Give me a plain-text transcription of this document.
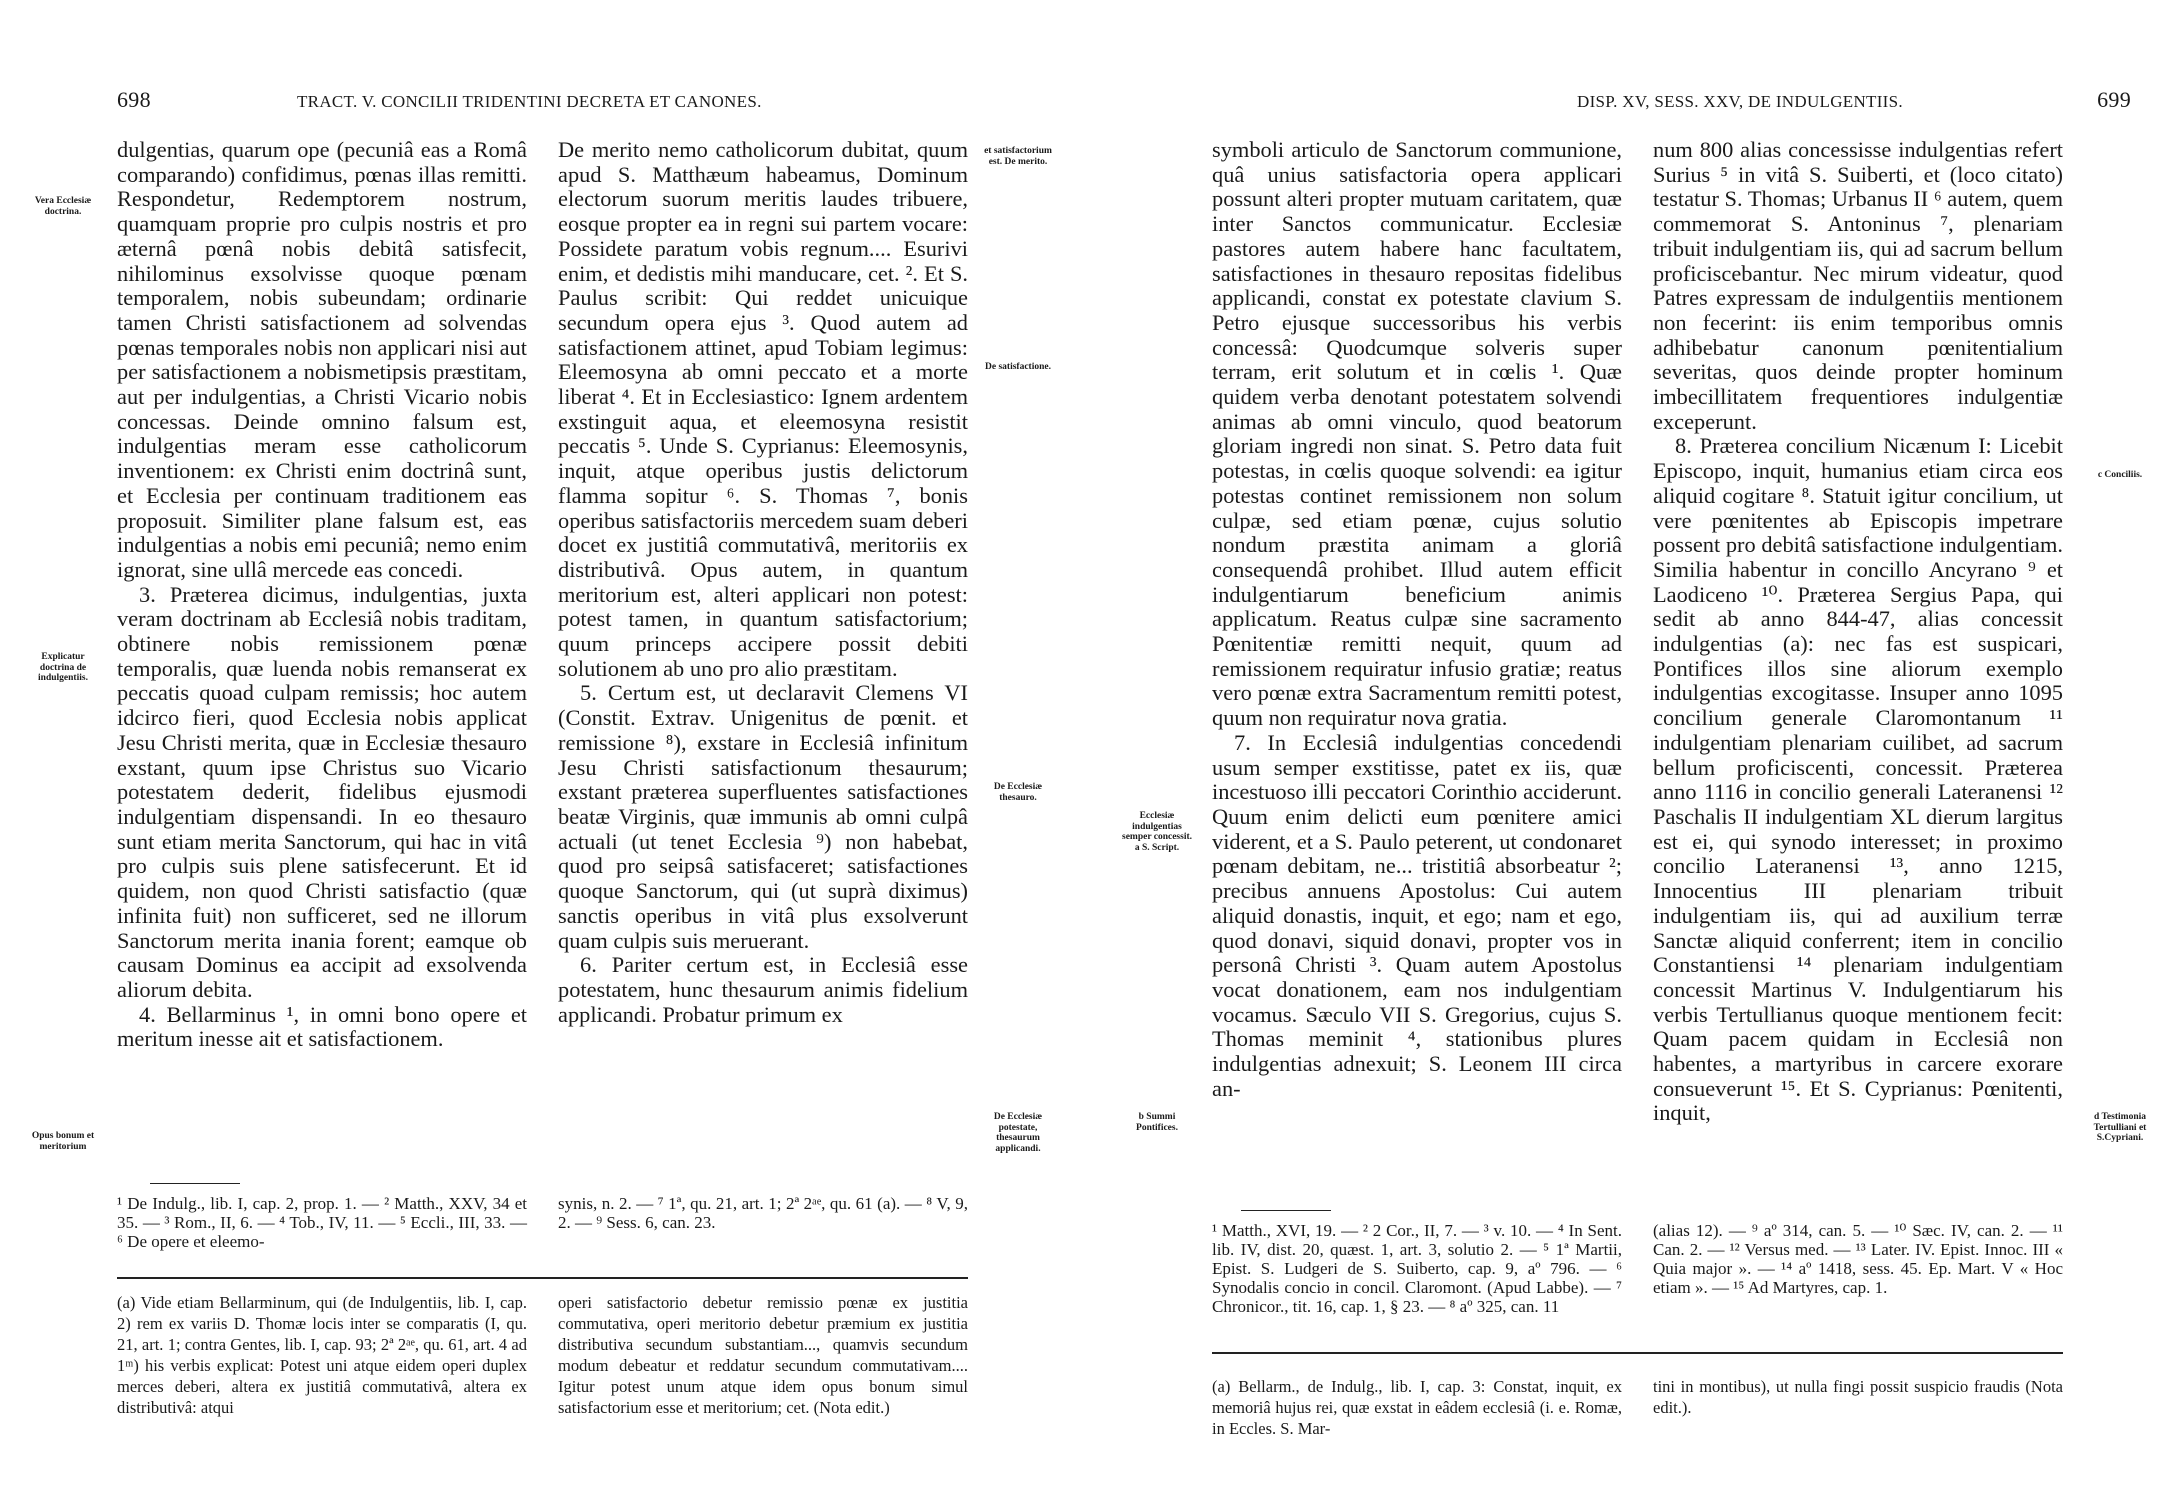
698	TRACT. V. CONCILII TRIDENTINI DECRETA ET CANONES.
Vera Ecclesiæ doctrina.
Explicatur doctrina de indulgentiis.
Opus bonum et meritorium

dulgentias, quarum ope (pecuniâ eas a Româ comparando) confidimus, pœnas illas remitti. Respondetur, Redemptorem nostrum, quamquam proprie pro culpis nostris et pro æternâ pœnâ nobis debitâ satisfecit, nihilominus exsolvisse quoque pœnam temporalem, nobis subeundam; ordinarie tamen Christi satisfactionem ad solvendas pœnas temporales nobis non applicari nisi aut per satisfactionem a nobismetipsis præstitam, aut per indulgentias, a Christi Vicario nobis concessas. Deinde omnino falsum est, indulgentias meram esse catholicorum inventionem: ex Christi enim doctrinâ sunt, et Ecclesia per continuam traditionem eas proposuit. Similiter plane falsum est, eas indulgentias a nobis emi pecuniâ; nemo enim ignorat, sine ullâ mercede eas concedi.

3. Præterea dicimus, indulgentias, juxta veram doctrinam ab Ecclesiâ nobis traditam, obtinere nobis remissionem pœnæ temporalis, quæ luenda nobis remanserat ex peccatis quoad culpam remissis; hoc autem idcirco fieri, quod Ecclesia nobis applicat Jesu Christi merita, quæ in Ecclesiæ thesauro exstant, quum ipse Christus suo Vicario potestatem dederit, fidelibus ejusmodi indulgentiam dispensandi. In eo thesauro sunt etiam merita Sanctorum, qui hac in vitâ pro culpis suis plene satisfecerunt. Et id quidem, non quod Christi satisfactio (quæ infinita fuit) non sufficeret, sed ne illorum Sanctorum merita inania forent; eamque ob causam Dominus ea accipit ad exsolvenda aliorum debita.

4. Bellarminus ¹, in omni bono opere et meritum inesse ait et satisfactionem.

De merito nemo catholicorum dubitat, quum apud S. Matthæum habeamus, Dominum electorum suorum meritis laudes tribuere, eosque propter ea in regni sui partem vocare: Possidete paratum vobis regnum.... Esurivi enim, et dedistis mihi manducare, cet. ². Et S. Paulus scribit: Qui reddet unicuique secundum opera ejus ³. Quod autem ad satisfactionem attinet, apud Tobiam legimus: Eleemosyna ab omni peccato et a morte liberat ⁴. Et in Ecclesiastico: Ignem ardentem exstinguit aqua, et eleemosyna resistit peccatis ⁵. Unde S. Cyprianus: Eleemosynis, inquit, atque operibus justis delictorum flamma sopitur ⁶. S. Thomas ⁷, bonis operibus satisfactoriis mercedem suam deberi docet ex justitiâ commutativâ, meritoriis ex distributivâ. Opus autem, in quantum meritorium est, alteri applicari non potest: potest tamen, in quantum satisfactorium; quum princeps accipere possit debiti solutionem ab uno pro alio præstitam.

5. Certum est, ut declaravit Clemens VI (Constit. Extrav. Unigenitus de pœnit. et remissione ⁸), exstare in Ecclesiâ infinitum Jesu Christi satisfactionum thesaurum; exstant præterea superfluentes satisfactiones beatæ Virginis, quæ immunis ab omni culpâ actuali (ut tenet Ecclesia ⁹) non habebat, quod pro seipsâ satisfaceret; satisfactiones quoque Sanctorum, qui (ut suprà diximus) sanctis operibus in vitâ plus exsolverunt quam culpis suis meruerant.

6. Pariter certum est, in Ecclesiâ esse potestatem, hunc thesaurum animis fidelium applicandi. Probatur primum ex

et satisfactorium est. De merito.
De satisfactione.
De Ecclesiæ thesauro.
De Ecclesiæ potestate, thesaurum applicandi.

¹ De Indulg., lib. I, cap. 2, prop. 1. — ² Matth., XXV, 34 et 35. — ³ Rom., II, 6. — ⁴ Tob., IV, 11. — ⁵ Eccli., III, 33. — ⁶ De opere et eleemo-

synis, n. 2. — ⁷ 1ª, qu. 21, art. 1; 2ª 2ᵃᵉ, qu. 61 (a). — ⁸ V, 9, 2. — ⁹ Sess. 6, can. 23.

(a) Vide etiam Bellarminum, qui (de Indulgentiis, lib. I, cap. 2) rem ex variis D. Thomæ locis inter se comparatis (I, qu. 21, art. 1; contra Gentes, lib. I, cap. 93; 2ª 2ᵃᵉ, qu. 61, art. 4 ad 1ᵐ) his verbis explicat: Potest uni atque eidem operi duplex merces deberi, altera ex justitiâ commutativâ, altera ex distributivâ: atqui

operi satisfactorio debetur remissio pœnæ ex justitia commutativa, operi meritorio debetur præmium ex justitia distributiva secundum substantiam..., quamvis secundum modum debeatur et reddatur secundum commutativam.... Igitur potest unum atque idem opus bonum simul satisfactorium esse et meritorium; cet. (Nota edit.)

DISP. XV, SESS. XXV, DE INDULGENTIIS.	699
Ecclesiæ indulgentias semper concessit. a S. Script.
b Summi Pontifices.

symboli articulo de Sanctorum communione, quâ unius satisfactoria opera applicari possunt alteri propter mutuam caritatem, quæ inter Sanctos communicatur. Ecclesiæ pastores autem habere hanc facultatem, satisfactiones in thesauro repositas fidelibus applicandi, constat ex potestate clavium S. Petro ejusque successoribus his verbis concessâ: Quodcumque solveris super terram, erit solutum et in cœlis ¹. Quæ quidem verba denotant potestatem solvendi animas ab omni vinculo, quod beatorum gloriam ingredi non sinat. S. Petro data fuit potestas, in cœlis quoque solvendi: ea igitur potestas continet remissionem non solum culpæ, sed etiam pœnæ, cujus solutio nondum præstita animam a gloriâ consequendâ prohibet. Illud autem efficit indulgentiarum beneficium animis applicatum. Reatus culpæ sine sacramento Pœnitentiæ remitti nequit, quum ad remissionem requiratur infusio gratiæ; reatus vero pœnæ extra Sacramentum remitti potest, quum non requiratur nova gratia.

7. In Ecclesiâ indulgentias concedendi usum semper exstitisse, patet ex iis, quæ incestuoso illi peccatori Corinthio acciderunt. Quum enim delicti eum pœnitere amici viderent, et a S. Paulo peterent, ut condonaret pœnam debitam, ne... tristitiâ absorbeatur ²; precibus annuens Apostolus: Cui autem aliquid donastis, inquit, et ego; nam et ego, quod donavi, siquid donavi, propter vos in personâ Christi ³. Quam autem Apostolus vocat donationem, eam nos indulgentiam vocamus. Sæculo VII S. Gregorius, cujus S. Thomas meminit ⁴, stationibus plures indulgentias adnexuit; S. Leonem III circa an-

num 800 alias concessisse indulgentias refert Surius ⁵ in vitâ S. Suiberti, et (loco citato) testatur S. Thomas; Urbanus II ⁶ autem, quem commemorat S. Antoninus ⁷, plenariam tribuit indulgentiam iis, qui ad sacrum bellum proficiscebantur. Nec mirum videatur, quod Patres expressam de indulgentiis mentionem non fecerint: iis enim temporibus omnis adhibebatur canonum pœnitentialium severitas, quos deinde propter hominum imbecillitatem frequentiores indulgentiæ exceperunt.

8. Præterea concilium Nicænum I: Licebit Episcopo, inquit, humanius etiam circa eos aliquid cogitare ⁸. Statuit igitur concilium, ut vere pœnitentes ab Episcopis impetrare possent pro debitâ satisfactione indulgentiam. Similia habentur in concillo Ancyrano ⁹ et Laodiceno ¹⁰. Præterea Sergius Papa, qui sedit ab anno 844-47, alias concessit indulgentias (a): nec fas est suspicari, Pontifices illos sine aliorum exemplo indulgentias excogitasse. Insuper anno 1095 concilium generale Claromontanum ¹¹ indulgentiam plenariam cuilibet, ad sacrum bellum proficiscenti, concessit. Præterea anno 1116 in concilio generali Lateranensi ¹² Paschalis II indulgentiam XL dierum largitus est ei, qui synodo interesset; in proximo concilio Lateranensi ¹³, anno 1215, Innocentius III plenariam tribuit indulgentiam iis, qui ad auxilium terræ Sanctæ aliquid conferrent; item in concilio Constantiensi ¹⁴ plenariam indulgentiam concessit Martinus V. Indulgentiarum his verbis Tertullianus quoque mentionem fecit: Quam pacem quidam in Ecclesiâ non habentes, a martyribus in carcere exorare consueverunt ¹⁵. Et S. Cyprianus: Pœnitenti, inquit,

c Conciliis.
d Testimonia Tertulliani et S.Cypriani.

¹ Matth., XVI, 19. — ² 2 Cor., II, 7. — ³ v. 10. — ⁴ In Sent. lib. IV, dist. 20, quæst. 1, art. 3, solutio 2. — ⁵ 1ª Martii, Epist. S. Ludgeri de S. Suiberto, cap. 9, aº 796. — ⁶ Synodalis concio in concil. Claromont. (Apud Labbe). — ⁷ Chronicor., tit. 16, cap. 1, § 23. — ⁸ aº 325, can. 11

(alias 12). — ⁹ aº 314, can. 5. — ¹⁰ Sæc. IV, can. 2. — ¹¹ Can. 2. — ¹² Versus med. — ¹³ Later. IV. Epist. Innoc. III « Quia major ». — ¹⁴ aº 1418, sess. 45. Ep. Mart. V « Hoc etiam ». — ¹⁵ Ad Martyres, cap. 1.

(a) Bellarm., de Indulg., lib. I, cap. 3: Constat, inquit, ex memoriâ hujus rei, quæ exstat in eâdem ecclesiâ (i. e. Romæ, in Eccles. S. Mar-

tini in montibus), ut nulla fingi possit suspicio fraudis (Nota edit.).
